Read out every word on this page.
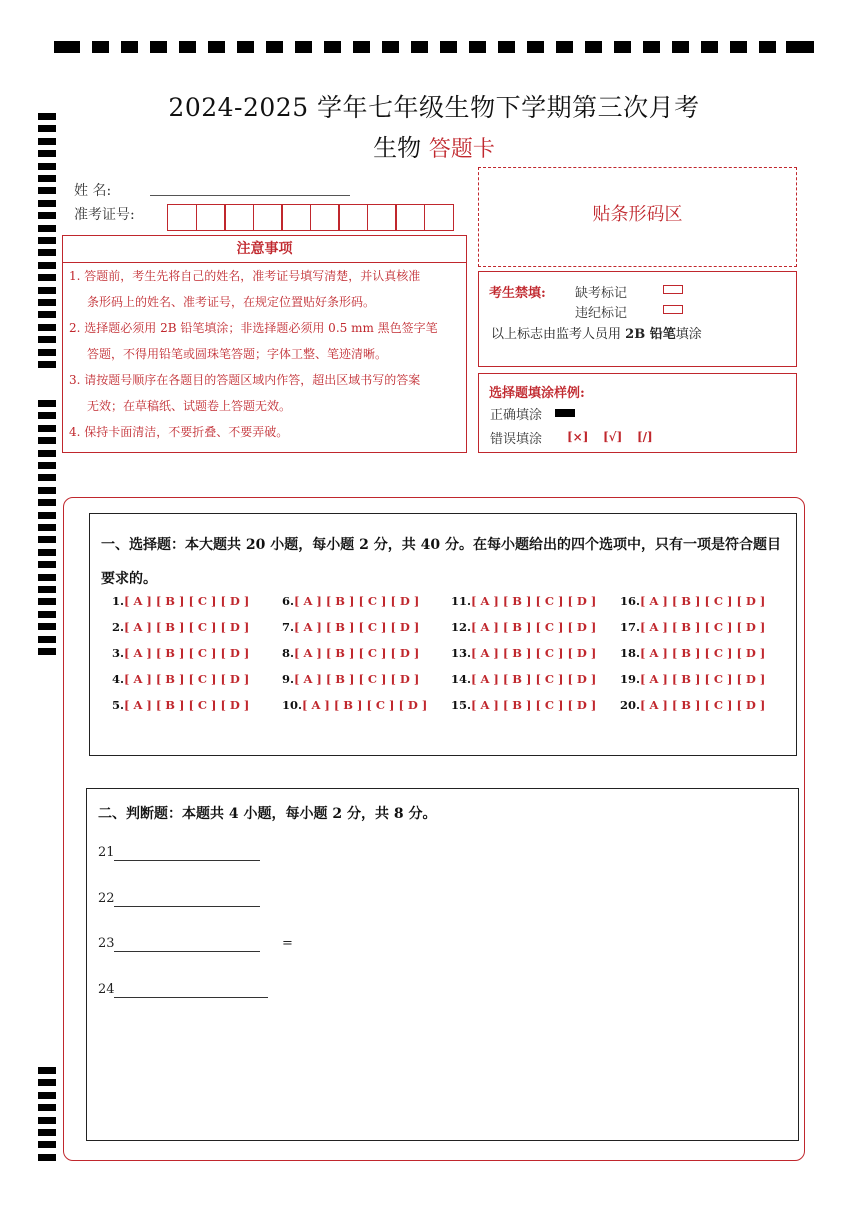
2024-2025 学年七年级生物下学期第三次月考
生物 答题卡
姓 名:
准考证号:
注意事项
1. 答题前，考生先将自己的姓名，准考证号填写清楚，并认真核准
条形码上的姓名、准考证号，在规定位置贴好条形码。
2. 选择题必须用 2B 铅笔填涂；非选择题必须用 0.5 mm 黑色签字笔
答题，不得用铅笔或圆珠笔答题；字体工整、笔迹清晰。
3. 请按题号顺序在各题目的答题区域内作答，超出区域书写的答案
无效；在草稿纸、试题卷上答题无效。
4. 保持卡面清洁，不要折叠、不要弄破。
贴条形码区
考生禁填: 缺考标记
违纪标记
以上标志由监考人员用 2B 铅笔填涂
选择题填涂样例:
正确填涂
错误填涂 [×] [√] [/]
一、选择题：本大题共 20 小题，每小题 2 分，共 40 分。在每小题给出的四个选项中，只有一项是符合题目要求的。
1.[ A ] [ B ] [ C ] [ D ]
2.[ A ] [ B ] [ C ] [ D ]
3.[ A ] [ B ] [ C ] [ D ]
4.[ A ] [ B ] [ C ] [ D ]
5.[ A ] [ B ] [ C ] [ D ]
6.[ A ] [ B ] [ C ] [ D ]
7.[ A ] [ B ] [ C ] [ D ]
8.[ A ] [ B ] [ C ] [ D ]
9.[ A ] [ B ] [ C ] [ D ]
10.[ A ] [ B ] [ C ] [ D ]
11.[ A ] [ B ] [ C ] [ D ]
12.[ A ] [ B ] [ C ] [ D ]
13.[ A ] [ B ] [ C ] [ D ]
14.[ A ] [ B ] [ C ] [ D ]
15.[ A ] [ B ] [ C ] [ D ]
16.[ A ] [ B ] [ C ] [ D ]
17.[ A ] [ B ] [ C ] [ D ]
18.[ A ] [ B ] [ C ] [ D ]
19.[ A ] [ B ] [ C ] [ D ]
20.[ A ] [ B ] [ C ] [ D ]
二、判断题：本题共 4 小题，每小题 2 分，共 8 分。
21
22
23
24
=
